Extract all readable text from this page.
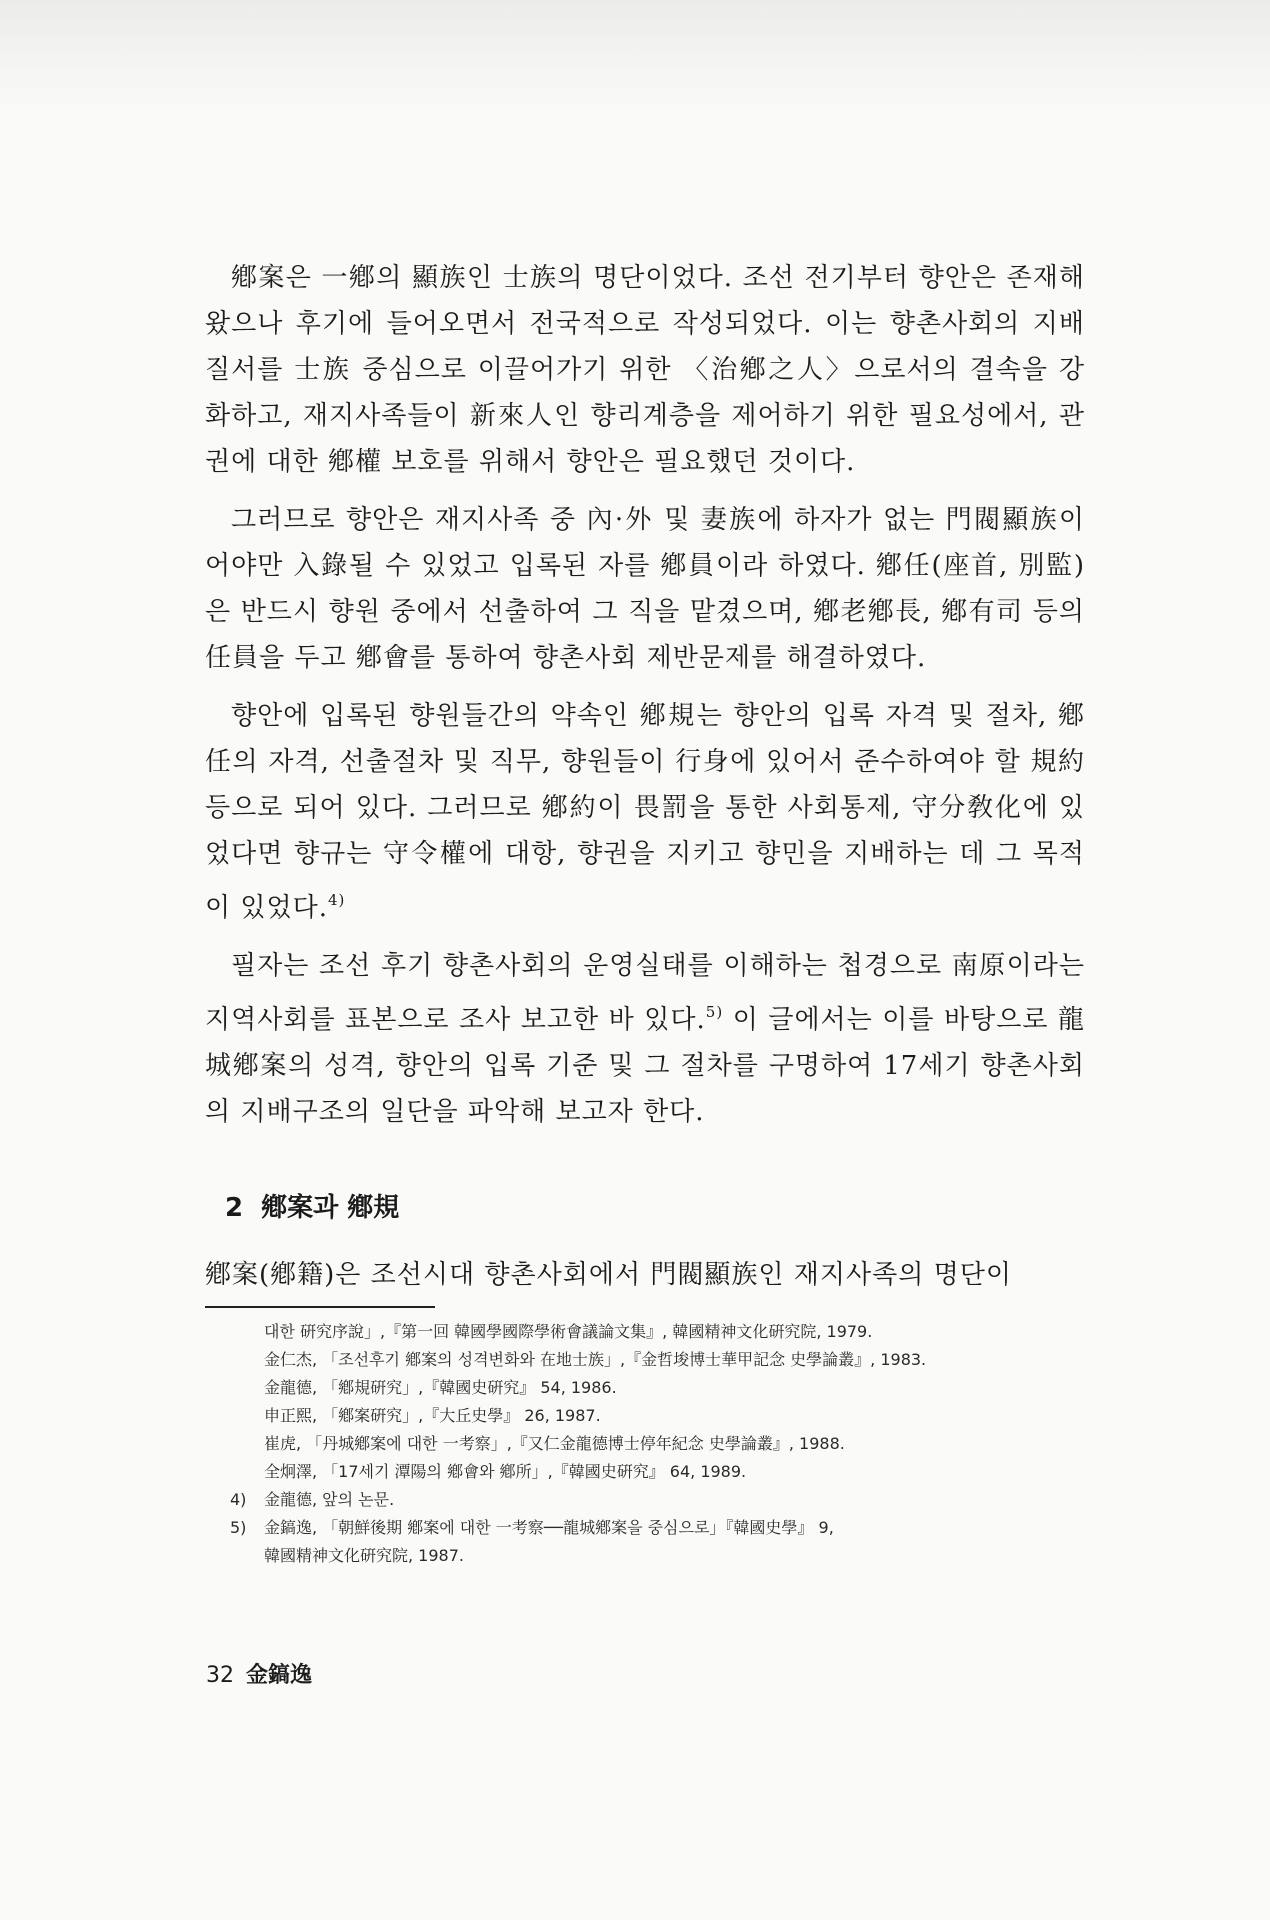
鄕案은 一鄕의 顯族인 士族의 명단이었다. 조선 전기부터 향안은 존재해 왔으나 후기에 들어오면서 전국적으로 작성되었다. 이는 향촌사회의 지배질서를 士族 중심으로 이끌어가기 위한 〈治鄕之人〉으로서의 결속을 강화하고, 재지사족들이 新來人인 향리계층을 제어하기 위한 필요성에서, 관권에 대한 鄕權 보호를 위해서 향안은 필요했던 것이다.

그러므로 향안은 재지사족 중 內·外 및 妻族에 하자가 없는 門閥顯族이어야만 入錄될 수 있었고 입록된 자를 鄕員이라 하였다. 鄕任(座首, 別監)은 반드시 향원 중에서 선출하여 그 직을 맡겼으며, 鄕老鄕長, 鄕有司 등의 任員을 두고 鄕會를 통하여 향촌사회 제반문제를 해결하였다.

향안에 입록된 향원들간의 약속인 鄕規는 향안의 입록 자격 및 절차, 鄕任의 자격, 선출절차 및 직무, 향원들이 行身에 있어서 준수하여야 할 規約 등으로 되어 있다. 그러므로 鄕約이 畏罰을 통한 사회통제, 守分敎化에 있었다면 향규는 守令權에 대항, 향권을 지키고 향민을 지배하는 데 그 목적이 있었다.$^{4)}$

필자는 조선 후기 향촌사회의 운영실태를 이해하는 첩경으로 南原이라는 지역사회를 표본으로 조사 보고한 바 있다.$^{5)}$ 이 글에서는 이를 바탕으로 龍城鄕案의 성격, 향안의 입록 기준 및 그 절차를 구명하여 17세기 향촌사회의 지배구조의 일단을 파악해 보고자 한다.

2 鄕案과 鄕規

鄕案(鄕籍)은 조선시대 향촌사회에서 門閥顯族인 재지사족의 명단이

대한 硏究序說」,『第一回 韓國學國際學術會議論文集』, 韓國精神文化硏究院, 1979.
金仁杰, 「조선후기 鄕案의 성격변화와 在地士族」,『金哲埈博士華甲記念 史學論叢』, 1983.
金龍德, 「鄕規硏究」,『韓國史硏究』 54, 1986.
申正熙, 「鄕案硏究」,『大丘史學』 26, 1987.
崔虎, 「丹城鄕案에 대한 一考察」,『又仁金龍德博士停年紀念 史學論叢』, 1988.
全炯澤, 「17세기 潭陽의 鄕會와 鄕所」,『韓國史硏究』 64, 1989.
4) 金龍德, 앞의 논문.
5) 金鎬逸, 「朝鮮後期 鄕案에 대한 一考察──龍城鄕案을 중심으로」『韓國史學』 9,
韓國精神文化硏究院, 1987.
32 金鎬逸
